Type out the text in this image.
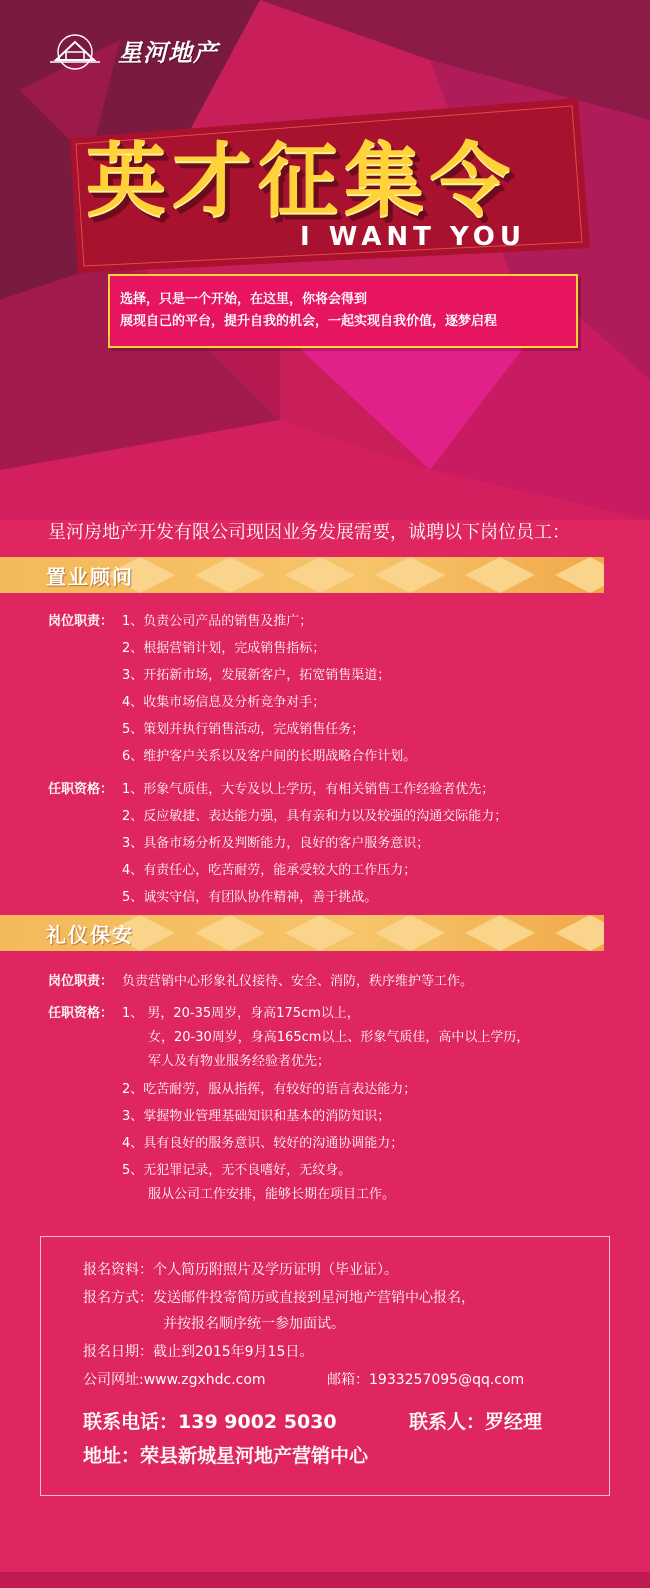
星河地产
英才征集令
I WANT YOU
选择，只是一个开始，在这里，你将会得到
展现自己的平台，提升自我的机会，一起实现自我价值，逐梦启程
星河房地产开发有限公司现因业务发展需要，诚聘以下岗位员工：
置业顾问
岗位职责： 1、负责公司产品的销售及推广；
2、根据营销计划，完成销售指标；
3、开拓新市场，发展新客户，拓宽销售渠道；
4、收集市场信息及分析竞争对手；
5、策划并执行销售活动，完成销售任务；
6、维护客户关系以及客户间的长期战略合作计划。
任职资格： 1、形象气质佳，大专及以上学历，有相关销售工作经验者优先；
2、反应敏捷、表达能力强，具有亲和力以及较强的沟通交际能力；
3、具备市场分析及判断能力，良好的客户服务意识；
4、有责任心，吃苦耐劳，能承受较大的工作压力；
5、诚实守信，有团队协作精神，善于挑战。
礼仪保安
岗位职责： 负责营销中心形象礼仪接待、安全、消防，秩序维护等工作。
任职资格： 1、 男，20-35周岁，身高175cm以上，
女，20-30周岁，身高165cm以上、形象气质佳，高中以上学历，
军人及有物业服务经验者优先；
2、吃苦耐劳，服从指挥，有较好的语言表达能力；
3、掌握物业管理基础知识和基本的消防知识；
4、具有良好的服务意识、较好的沟通协调能力；
5、无犯罪记录，无不良嗜好，无纹身。
服从公司工作安排，能够长期在项目工作。
报名资料：个人简历附照片及学历证明（毕业证）。
报名方式：发送邮件投寄简历或直接到星河地产营销中心报名，
并按报名顺序统一参加面试。
报名日期：截止到2015年9月15日。
公司网址:www.zgxhdc.com	邮箱：1933257095@qq.com
联系电话：139 9002 5030	联系人：罗经理
地址：荣县新城星河地产营销中心
